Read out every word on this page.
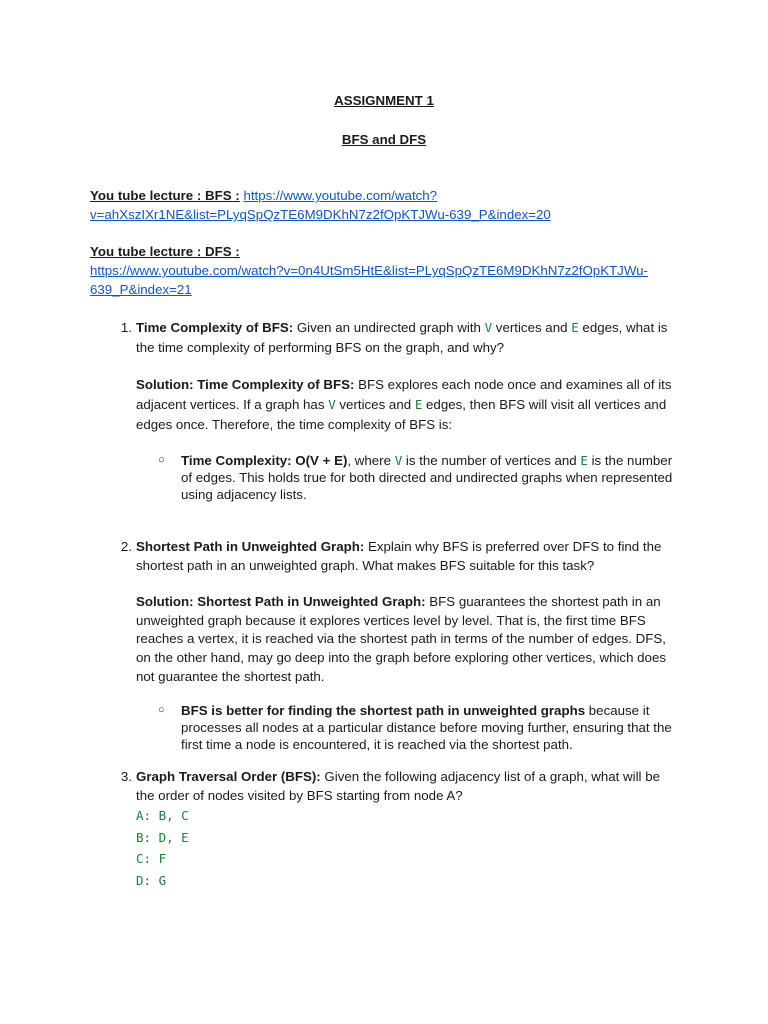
ASSIGNMENT 1
BFS and DFS
You tube lecture : BFS : https://www.youtube.com/watch?
v=ahXszIXr1NE&list=PLyqSpQzTE6M9DKhN7z2fOpKTJWu-639_P&index=20
You tube lecture : DFS :
https://www.youtube.com/watch?v=0n4UtSm5HtE&list=PLyqSpQzTE6M9DKhN7z2fOpKTJWu-
639_P&index=21
1. Time Complexity of BFS: Given an undirected graph with V vertices and E edges, what is the time complexity of performing BFS on the graph, and why?
Solution: Time Complexity of BFS: BFS explores each node once and examines all of its adjacent vertices. If a graph has V vertices and E edges, then BFS will visit all vertices and edges once. Therefore, the time complexity of BFS is:
○ Time Complexity: O(V + E), where V is the number of vertices and E is the number of edges. This holds true for both directed and undirected graphs when represented using adjacency lists.
2. Shortest Path in Unweighted Graph: Explain why BFS is preferred over DFS to find the shortest path in an unweighted graph. What makes BFS suitable for this task?
Solution: Shortest Path in Unweighted Graph: BFS guarantees the shortest path in an unweighted graph because it explores vertices level by level. That is, the first time BFS reaches a vertex, it is reached via the shortest path in terms of the number of edges. DFS, on the other hand, may go deep into the graph before exploring other vertices, which does not guarantee the shortest path.
○ BFS is better for finding the shortest path in unweighted graphs because it processes all nodes at a particular distance before moving further, ensuring that the first time a node is encountered, it is reached via the shortest path.
3. Graph Traversal Order (BFS): Given the following adjacency list of a graph, what will be the order of nodes visited by BFS starting from node A?
A: B, C
B: D, E
C: F
D: G
